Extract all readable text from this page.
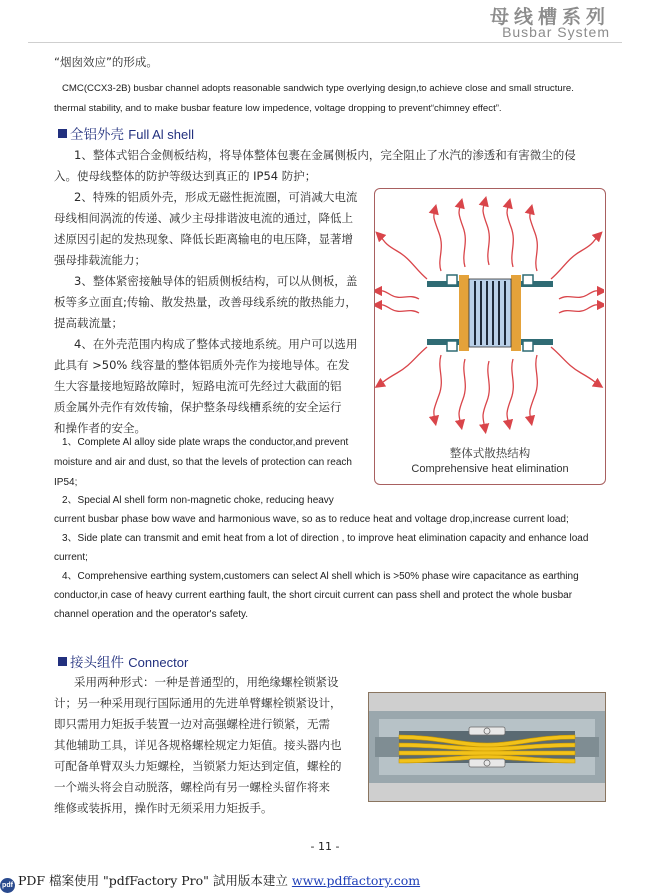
母线槽系列
Busbar System
“烟囱效应”的形成。
CMC(CCX3-2B) busbar channel adopts reasonable sandwich type overlying design,to achieve close and small structure.
thermal stability, and to make busbar feature low impedence, voltage dropping to prevent“chimney effect”.
全铝外壳 Full Al shell
1、整体式铝合金侧板结构，将导体整体包裹在金属侧板内，完全阻止了水汽的渗透和有害微尘的侵
入。使母线整体的防护等级达到真正的 IP54 防护；
2、特殊的铝质外壳，形成无磁性扼流圈，可消减大电流
母线相间涡流的传递、减少主母排谐波电流的通过，降低上
述原因引起的发热现象、降低长距离输电的电压降，显著增
强母排载流能力；
3、整体紧密接触导体的铝质侧板结构，可以从侧板，盖
板等多立面直;传输、散发热量，改善母线系统的散热能力，
提高载流量；
4、在外壳范围内构成了整体式接地系统。用户可以选用
此具有 >50% 线容量的整体铝质外壳作为接地导体。在发
生大容量接地短路故障时，短路电流可先经过大截面的铝
质金属外壳作有效传输，保护整条母线槽系统的安全运行
和操作者的安全。
1、Complete Al alloy side plate wraps the conductor,and prevent
moisture and air and dust, so that the levels of protection can reach
IP54;
2、Special Al shell form non-magnetic choke, reducing heavy
current busbar phase bow wave and harmonious wave, so as to reduce heat and voltage drop,increase current load;
3、Side plate can transmit and emit heat from a lot of direction , to improve heat elimination capacity and enhance load
current;
4、Comprehensive earthing system,customers can select Al shell which is >50% phase wire capacitance as earthing
conductor,in case of heavy current earthing fault, the short circuit current can pass shell and protect the whole busbar
channel operation and the operator's safety.
整体式散热结构
Comprehensive heat elimination
接头组件 Connector
采用两种形式：一种是普通型的，用绝缘螺栓锁紧设
计；另一种采用现行国际通用的先进单臂螺栓锁紧设计，
即只需用力矩扳手装置一边对高强螺栓进行锁紧，无需
其他辅助工具，详见各规格螺栓规定力矩值。接头器内也
可配备单臂双头力矩螺栓，当锁紧力矩达到定值，螺栓的
一个端头将会自动脱落，螺栓尚有另一螺栓头留作将来
维修或装拆用，操作时无须采用力矩扳手。
- 11 -
pdf PDF 檔案使用 "pdfFactory Pro" 試用版本建立 www.pdffactory.com
